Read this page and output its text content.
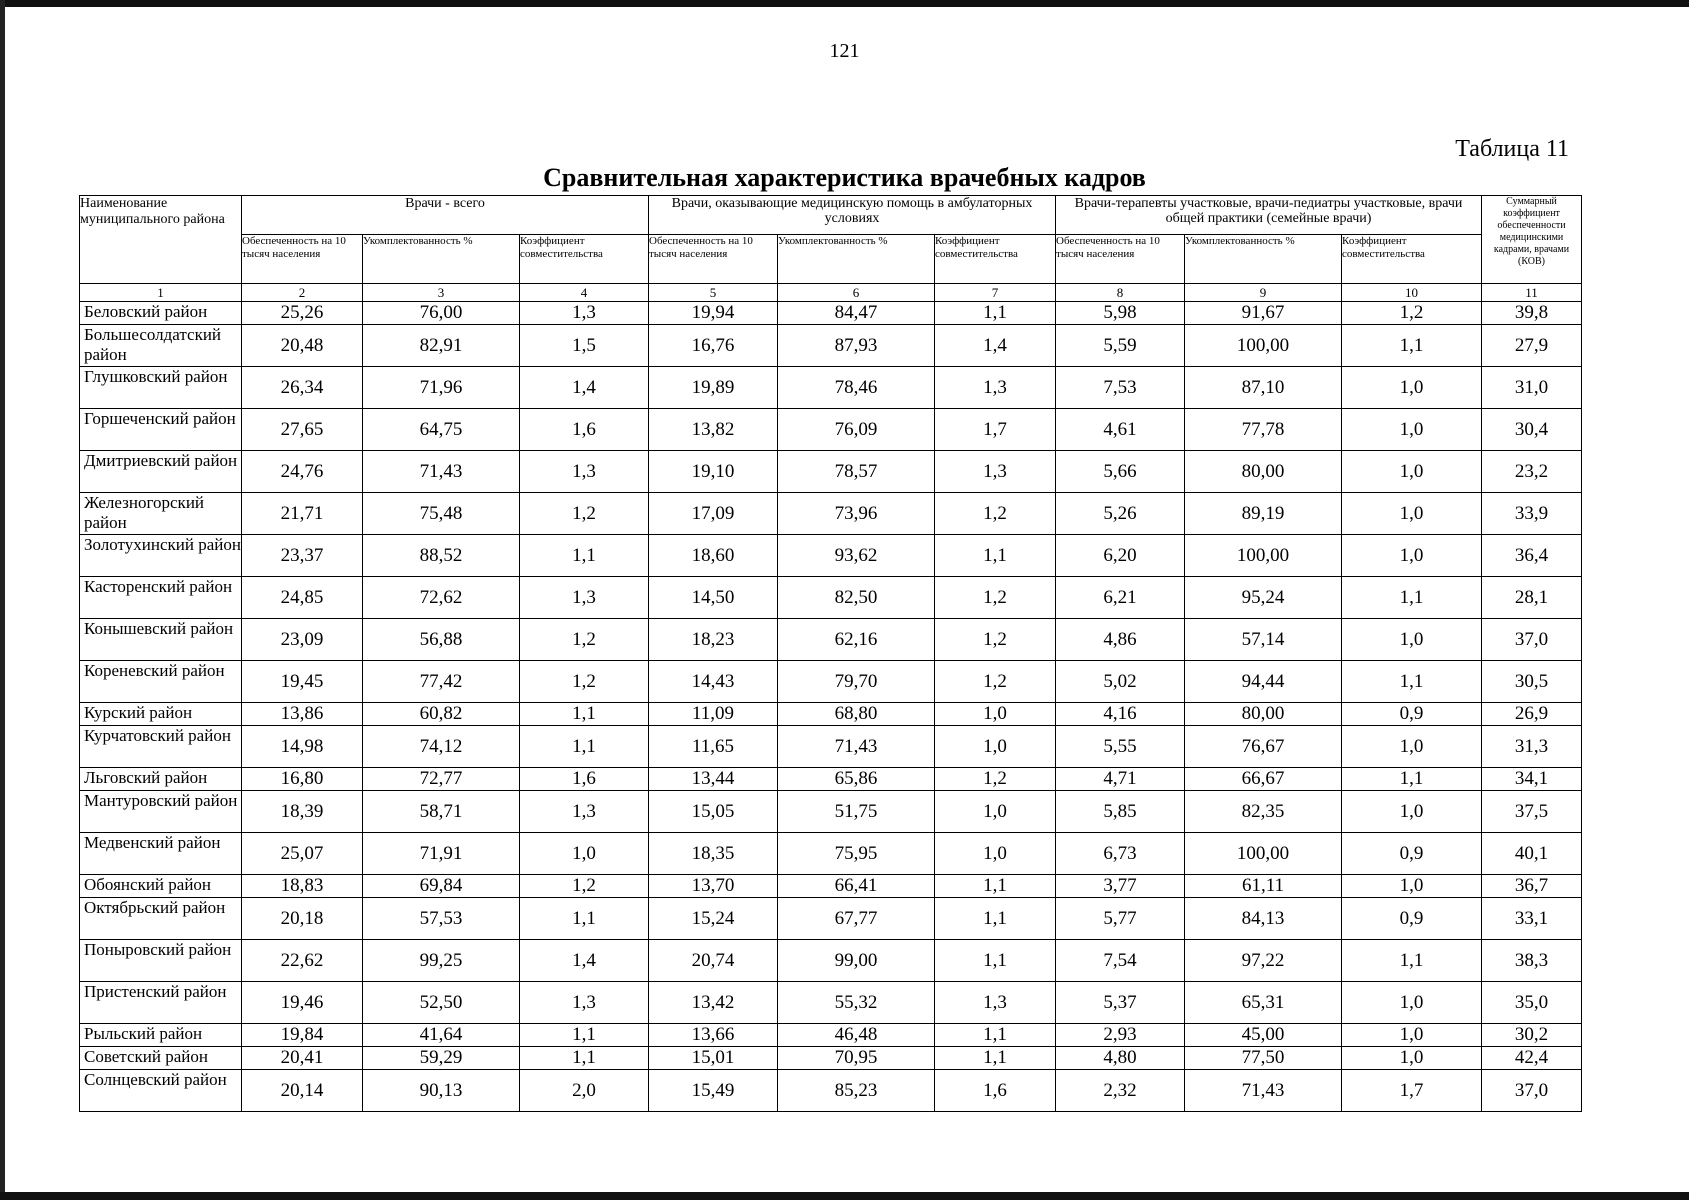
121
Таблица 11
Сравнительная характеристика врачебных кадров
Наименование муниципального района	Врачи - всего			Врачи, оказывающие медицинскую помощь в амбулаторных условиях			Врачи-терапевты участковые, врачи-педиатры участковые, врачи общей практики (семейные врачи)			Суммарный коэффициент обеспеченности медицинскими кадрами, врачами (КОВ)
	Обеспеченность на 10 тысяч населения	Укомплектованность %	Коэффициент совместительства	Обеспеченность на 10 тысяч населения	Укомплектованность %	Коэффициент совместительства	Обеспеченность на 10 тысяч населения	Укомплектованность %	Коэффициент совместительства	
1	2	3	4	5	6	7	8	9	10	11
Беловский район	25,26	76,00	1,3	19,94	84,47	1,1	5,98	91,67	1,2	39,8
Большесолдатский район	20,48	82,91	1,5	16,76	87,93	1,4	5,59	100,00	1,1	27,9
Глушковский район	26,34	71,96	1,4	19,89	78,46	1,3	7,53	87,10	1,0	31,0
Горшеченский район	27,65	64,75	1,6	13,82	76,09	1,7	4,61	77,78	1,0	30,4
Дмитриевский район	24,76	71,43	1,3	19,10	78,57	1,3	5,66	80,00	1,0	23,2
Железногорский район	21,71	75,48	1,2	17,09	73,96	1,2	5,26	89,19	1,0	33,9
Золотухинский район	23,37	88,52	1,1	18,60	93,62	1,1	6,20	100,00	1,0	36,4
Касторенский район	24,85	72,62	1,3	14,50	82,50	1,2	6,21	95,24	1,1	28,1
Конышевский район	23,09	56,88	1,2	18,23	62,16	1,2	4,86	57,14	1,0	37,0
Кореневский район	19,45	77,42	1,2	14,43	79,70	1,2	5,02	94,44	1,1	30,5
Курский район	13,86	60,82	1,1	11,09	68,80	1,0	4,16	80,00	0,9	26,9
Курчатовский район	14,98	74,12	1,1	11,65	71,43	1,0	5,55	76,67	1,0	31,3
Льговский район	16,80	72,77	1,6	13,44	65,86	1,2	4,71	66,67	1,1	34,1
Мантуровский район	18,39	58,71	1,3	15,05	51,75	1,0	5,85	82,35	1,0	37,5
Медвенский район	25,07	71,91	1,0	18,35	75,95	1,0	6,73	100,00	0,9	40,1
Обоянский район	18,83	69,84	1,2	13,70	66,41	1,1	3,77	61,11	1,0	36,7
Октябрьский район	20,18	57,53	1,1	15,24	67,77	1,1	5,77	84,13	0,9	33,1
Поныровский район	22,62	99,25	1,4	20,74	99,00	1,1	7,54	97,22	1,1	38,3
Пристенский район	19,46	52,50	1,3	13,42	55,32	1,3	5,37	65,31	1,0	35,0
Рыльский район	19,84	41,64	1,1	13,66	46,48	1,1	2,93	45,00	1,0	30,2
Советский район	20,41	59,29	1,1	15,01	70,95	1,1	4,80	77,50	1,0	42,4
Солнцевский район	20,14	90,13	2,0	15,49	85,23	1,6	2,32	71,43	1,7	37,0
